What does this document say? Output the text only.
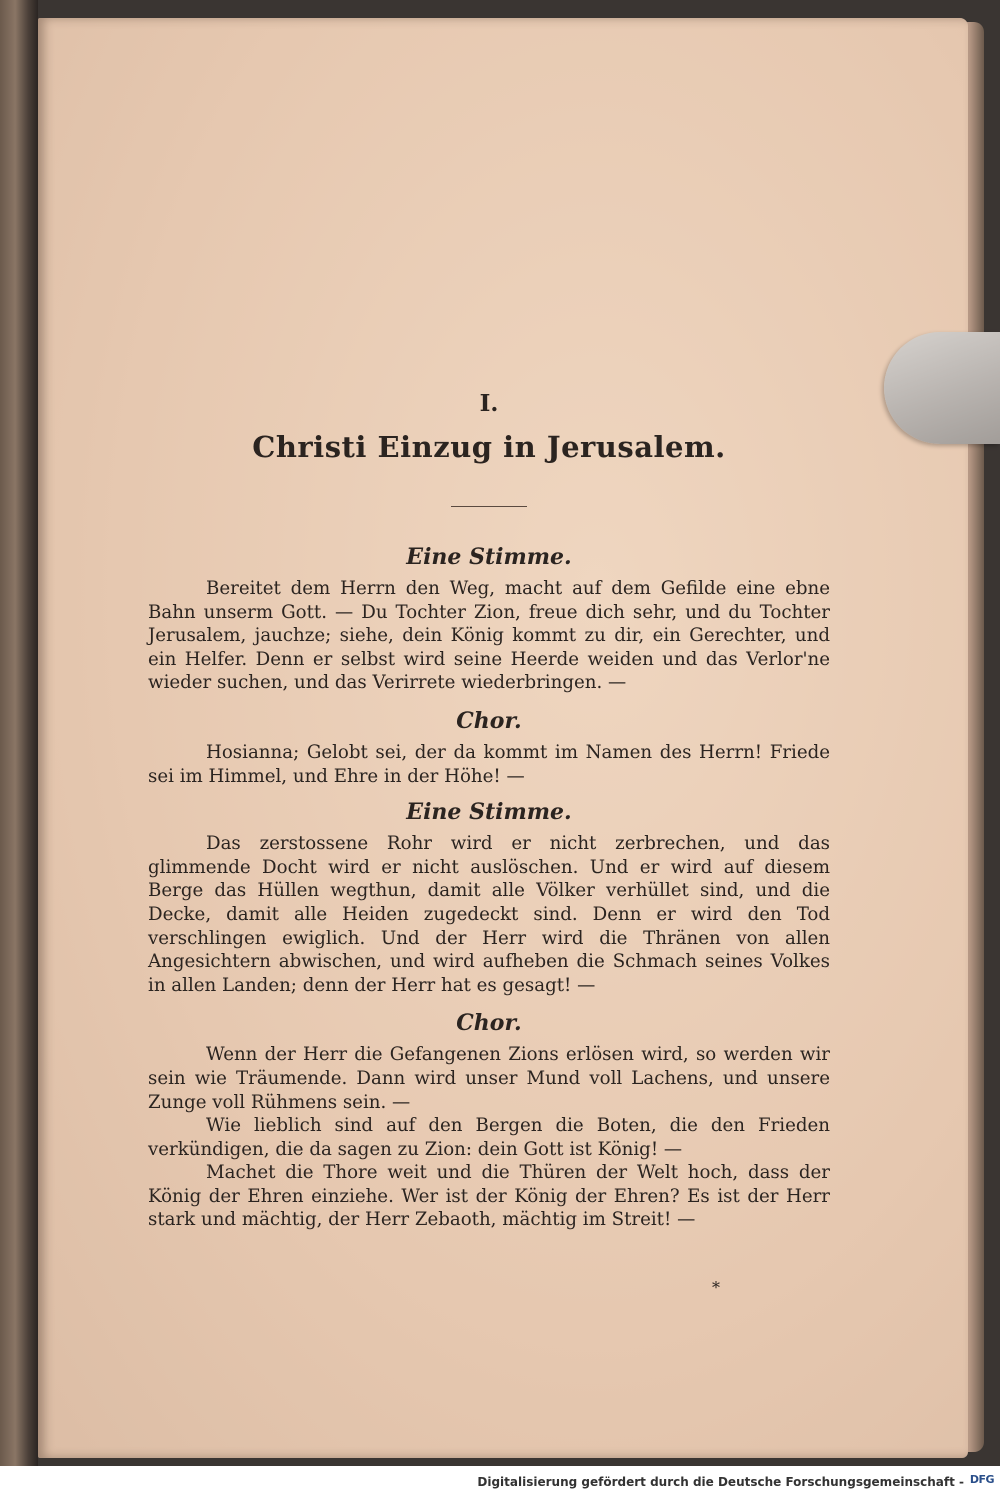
I.

Christi Einzug in Jerusalem.
Eine Stimme.

Bereitet dem Herrn den Weg, macht auf dem Gefilde eine ebne Bahn unserm Gott. — Du Tochter Zion, freue dich sehr, und du Tochter Jerusalem, jauchze; siehe, dein König kommt zu dir, ein Gerechter, und ein Helfer. Denn er selbst wird seine Heerde weiden und das Verlor'ne wieder suchen, und das Verirrete wiederbringen. —

Chor.

Hosianna; Gelobt sei, der da kommt im Namen des Herrn! Friede sei im Himmel, und Ehre in der Höhe! —

Eine Stimme.

Das zerstossene Rohr wird er nicht zerbrechen, und das glimmende Docht wird er nicht auslöschen. Und er wird auf diesem Berge das Hüllen wegthun, damit alle Völker verhüllet sind, und die Decke, damit alle Heiden zugedeckt sind. Denn er wird den Tod verschlingen ewiglich. Und der Herr wird die Thränen von allen Angesichtern abwischen, und wird aufheben die Schmach seines Volkes in allen Landen; denn der Herr hat es gesagt! —

Chor.

Wenn der Herr die Gefangenen Zions erlösen wird, so werden wir sein wie Träumende. Dann wird unser Mund voll Lachens, und unsere Zunge voll Rühmens sein. —

Wie lieblich sind auf den Bergen die Boten, die den Frieden verkündigen, die da sagen zu Zion: dein Gott ist König! —

Machet die Thore weit und die Thüren der Welt hoch, dass der König der Ehren einziehe. Wer ist der König der Ehren? Es ist der Herr stark und mächtig, der Herr Zebaoth, mächtig im Streit! —

*
Digitalisierung gefördert durch die Deutsche Forschungsgemeinschaft - DFG
